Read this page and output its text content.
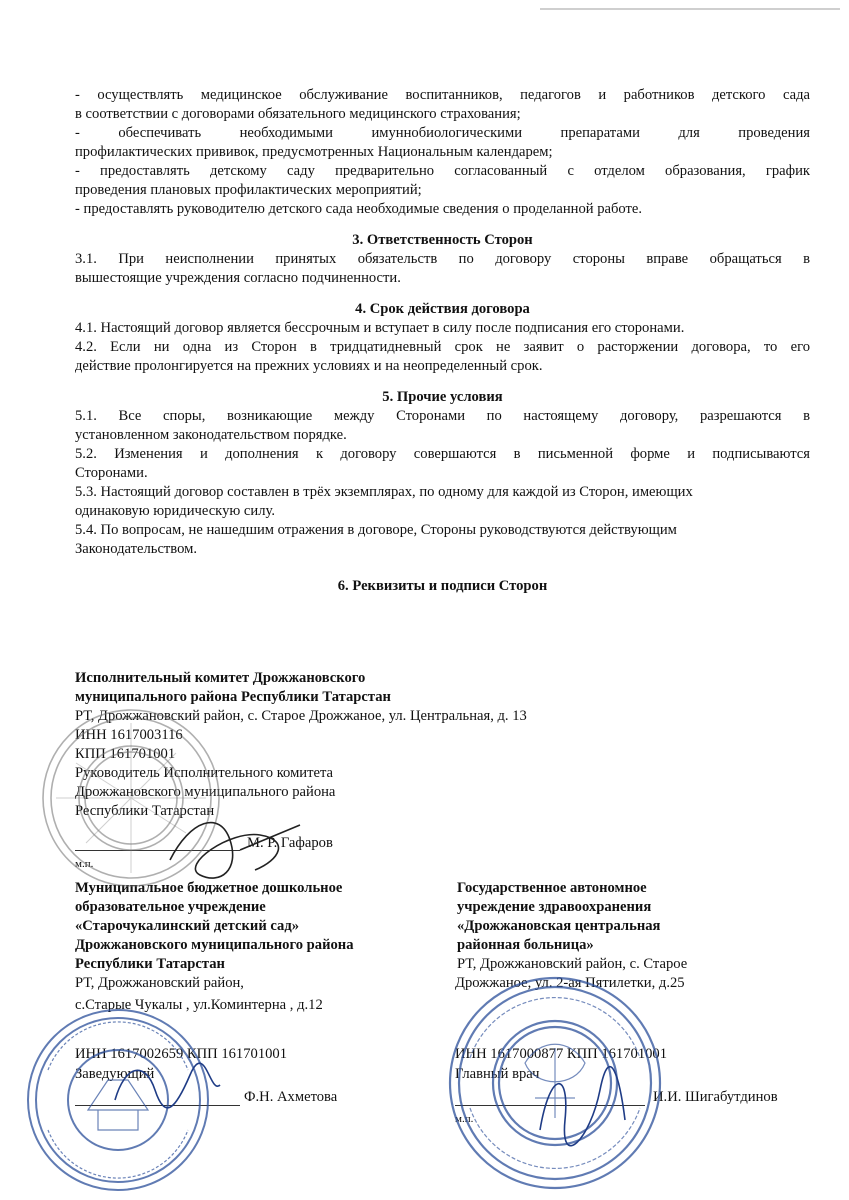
- осуществлять медицинское обслуживание воспитанников, педагогов и работников детского сада
в соответствии с договорами обязательного медицинского страхования;

- обеспечивать необходимыми имуннобиологическими препаратами для проведения
профилактических прививок, предусмотренных Национальным календарем;

- предоставлять детскому саду предварительно согласованный с отделом образования, график
проведения плановых профилактических мероприятий;

- предоставлять руководителю детского сада необходимые сведения о проделанной работе.

3. Ответственность Сторон

3.1. При неисполнении принятых обязательств по договору стороны вправе обращаться в
вышестоящие учреждения согласно подчиненности.

4. Срок действия договора

4.1. Настоящий договор является бессрочным и вступает в силу после подписания его сторонами.

4.2. Если ни одна из Сторон в тридцатидневный срок не заявит о расторжении договора, то его
действие пролонгируется на прежних условиях и на неопределенный срок.

5. Прочие условия

5.1. Все споры, возникающие между Сторонами по настоящему договору, разрешаются в
установленном законодательством порядке.

5.2. Изменения и дополнения к договору совершаются в письменной форме и подписываются
Сторонами.

5.3. Настоящий договор составлен в трёх экземплярах, по одному для каждой из Сторон, имеющих
одинаковую юридическую силу.

5.4. По вопросам, не нашедшим отражения в договоре, Стороны руководствуются действующим
Законодательством.

6. Реквизиты и подписи Сторон

Исполнительный комитет Дрожжановского
муниципального района Республики Татарстан
РТ, Дрожжановский район, с. Старое Дрожжаное, ул. Центральная, д. 13
ИНН 1617003116
КПП 161701001
Руководитель Исполнительного комитета
Дрожжановского муниципального района
Республики Татарстан
М. Р. Гафаров
м.п.
Муниципальное бюджетное дошкольное
образовательное учреждение
«Старочукалинский детский сад»
Дрожжановского муниципального района
Республики Татарстан
РТ, Дрожжановский район,
с.Старые Чукалы , ул.Коминтерна , д.12
ИНН 1617002659 КПП 161701001
Заведующий
Ф.Н. Ахметова
Государственное автономное
учреждение здравоохранения
«Дрожжановская центральная
районная больница»
РТ, Дрожжановский район, с. Старое
Дрожжаное, ул. 2-ая Пятилетки, д.25
ИНН 1617000877 КПП 161701001
Главный врач
И.И. Шигабутдинов
м.п.
